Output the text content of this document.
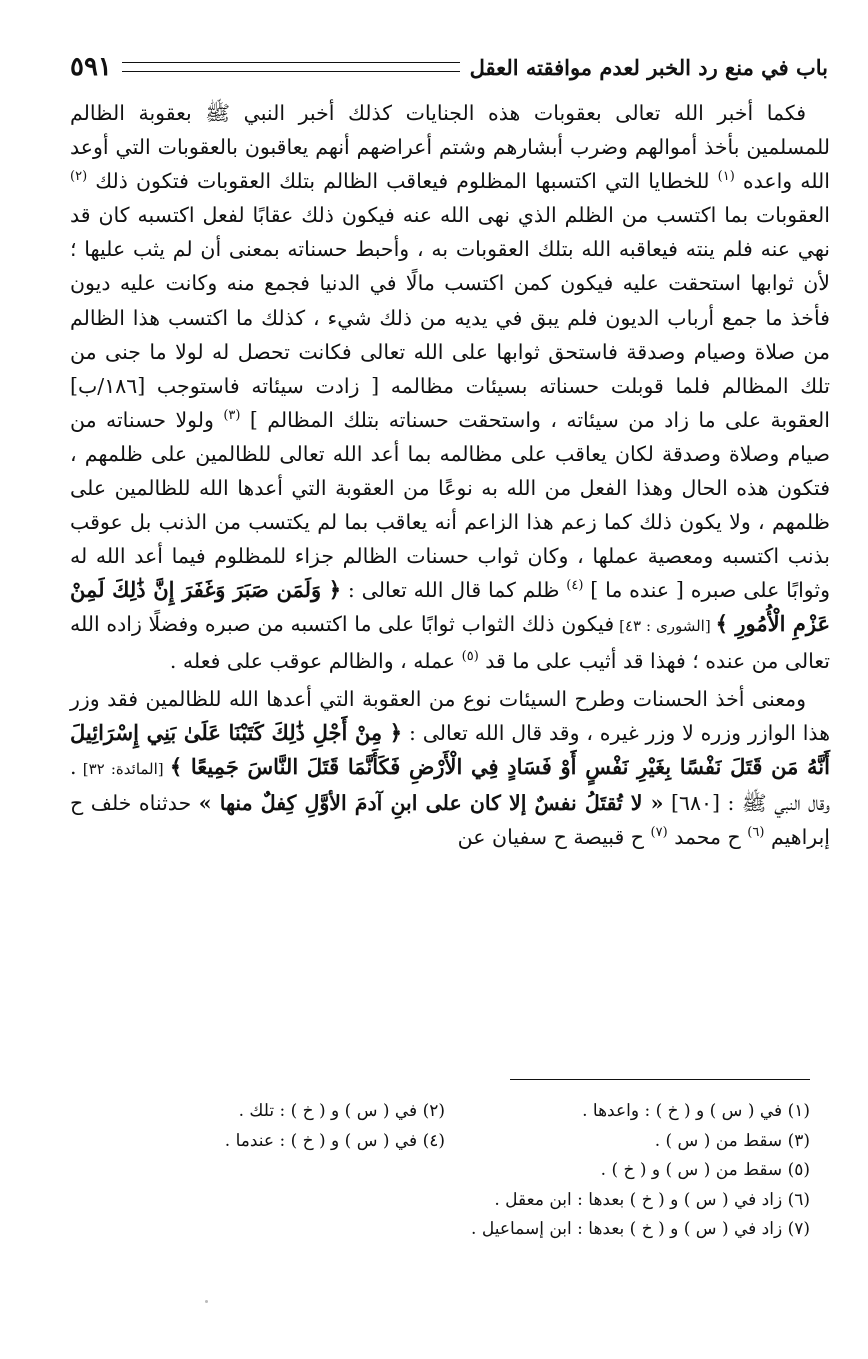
باب في منع رد الخبر لعدم موافقته العقل
٥٩١

فكما أخبر الله تعالى بعقوبات هذه الجنايات كذلك أخبر النبي ﷺ بعقوبة الظالم للمسلمين بأخذ أموالهم وضرب أبشارهم وشتم أعراضهم أنهم يعاقبون بالعقوبات التي أوعد الله واعده $^{(١)}$ للخطايا التي اكتسبها المظلوم فيعاقب الظالم بتلك العقوبات فتكون ذلك $^{(٢)}$ العقوبات بما اكتسب من الظلم الذي نهى الله عنه فيكون ذلك عقابًا لفعل اكتسبه كان قد نهي عنه فلم ينته فيعاقبه الله بتلك العقوبات به ، وأحبط حسناته بمعنى أن لم يثب عليها ؛ لأن ثوابها استحقت عليه فيكون كمن اكتسب مالًا في الدنيا فجمع منه وكانت عليه ديون فأخذ ما جمع أرباب الديون فلم يبق في يديه من ذلك شيء ، كذلك ما اكتسب هذا الظالم من صلاة وصيام وصدقة فاستحق ثوابها على الله تعالى فكانت تحصل له لولا ما جنى من تلك المظالم فلما قوبلت حسناته بسيئات مظالمه [ زادت سيئاته فاستوجب [١٨٦/ب] العقوبة على ما زاد من سيئاته ، واستحقت حسناته بتلك المظالم ] $^{(٣)}$ ولولا حسناته من صيام وصلاة وصدقة لكان يعاقب على مظالمه بما أعد الله تعالى للظالمين على ظلمهم ، فتكون هذه الحال وهذا الفعل من الله به نوعًا من العقوبة التي أعدها الله للظالمين على ظلمهم ، ولا يكون ذلك كما زعم هذا الزاعم أنه يعاقب بما لم يكتسب من الذنب بل عوقب بذنب اكتسبه ومعصية عملها ، وكان ثواب حسنات الظالم جزاء للمظلوم فيما أعد الله له وثوابًا على صبره [ عنده ما ] $^{(٤)}$ ظلم كما قال الله تعالى : ﴿ وَلَمَن صَبَرَ وَغَفَرَ إِنَّ ذَٰلِكَ لَمِنْ عَزْمِ الْأُمُورِ ﴾ [الشورى : ٤٣] فيكون ذلك الثواب ثوابًا على ما اكتسبه من صبره وفضلًا زاده الله تعالى من عنده ؛ فهذا قد أثيب على ما قد $^{(٥)}$ عمله ، والظالم عوقب على فعله .

ومعنى أخذ الحسنات وطرح السيئات نوع من العقوبة التي أعدها الله للظالمين فقد وزر هذا الوازر وزره لا وزر غيره ، وقد قال الله تعالى : ﴿ مِنْ أَجْلِ ذَٰلِكَ كَتَبْنَا عَلَىٰ بَنِي إِسْرَائِيلَ أَنَّهُ مَن قَتَلَ نَفْسًا بِغَيْرِ نَفْسٍ أَوْ فَسَادٍ فِي الْأَرْضِ فَكَأَنَّمَا قَتَلَ النَّاسَ جَمِيعًا ﴾ [المائدة: ٣٢] . وقال النبي ﷺ : [٦٨٠] « لا تُقتَلُ نفسٌ إلا كان على ابنِ آدمَ الأوَّلِ كِفلٌ منها » حدثناه خلف ح إبراهيم $^{(٦)}$ ح محمد $^{(٧)}$ ح قبيصة ح سفيان عن

(١) في ( س ) و ( خ ) : واعدها .
(٢) في ( س ) و ( خ ) : تلك .
(٣) سقط من ( س ) .
(٤) في ( س ) و ( خ ) : عندما .
(٥) سقط من ( س ) و ( خ ) .
(٦) زاد في ( س ) و ( خ ) بعدها : ابن معقل .
(٧) زاد في ( س ) و ( خ ) بعدها : ابن إسماعيل .
